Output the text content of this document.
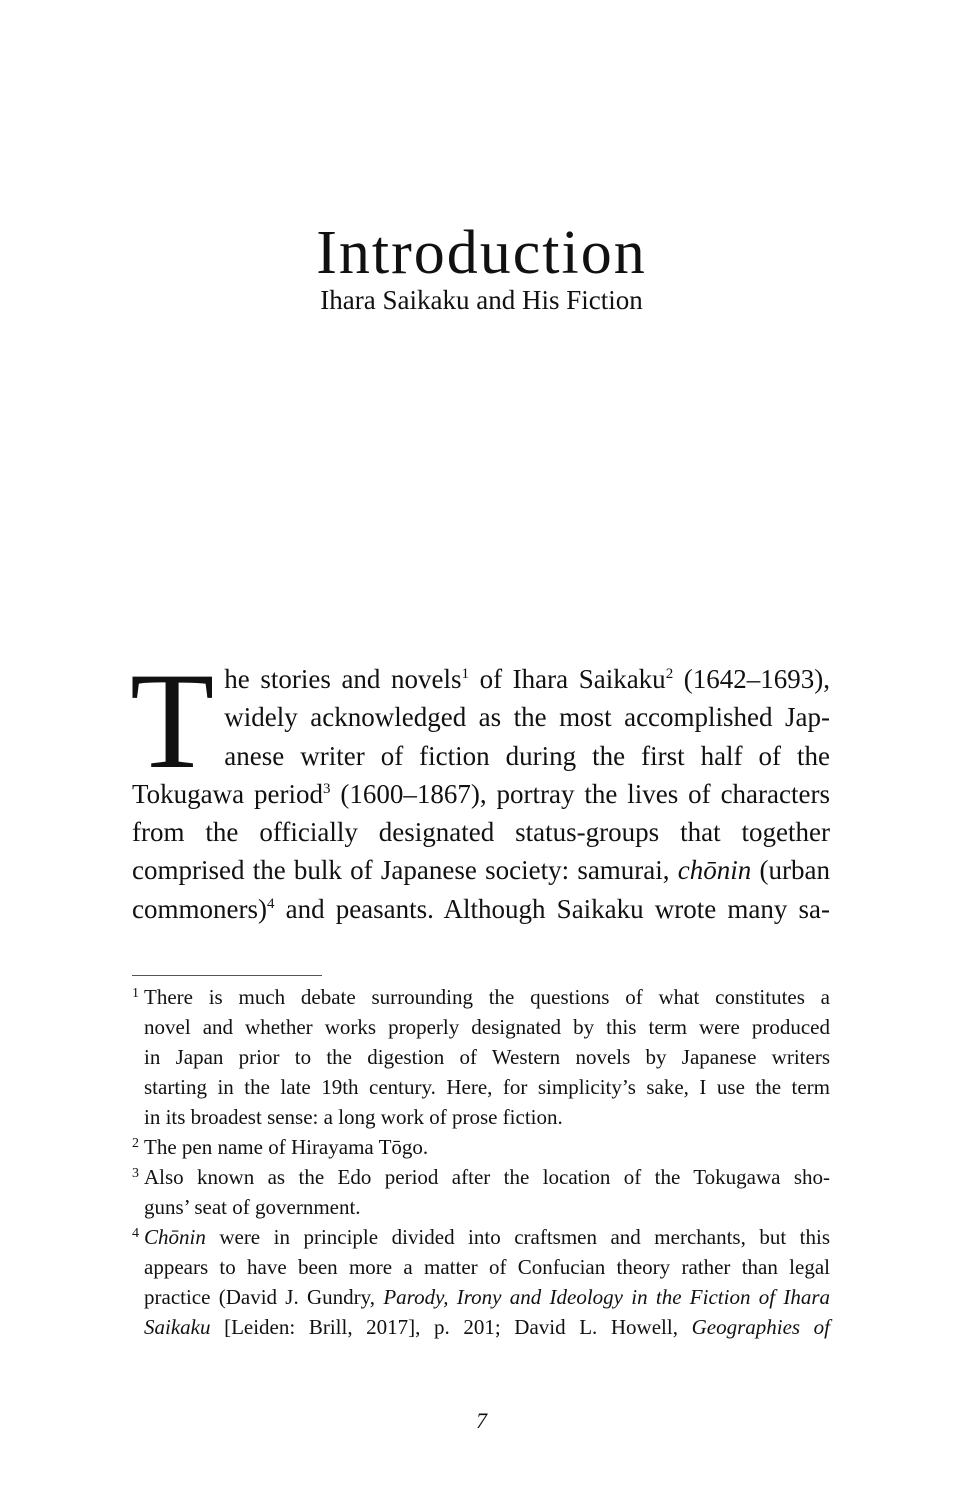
Introduction
Ihara Saikaku and His Fiction
T he stories and novels$^1$ of Ihara Saikaku$^2$ (1642–1693),
widely acknowledged as the most accomplished Jap-
anese writer of fiction during the first half of the
Tokugawa period$^3$ (1600–1867), portray the lives of characters
from the officially designated status-groups that together
comprised the bulk of Japanese society: samurai, chōnin (urban
commoners)$^4$ and peasants. Although Saikaku wrote many sa-
1 There is much debate surrounding the questions of what constitutes a
novel and whether works properly designated by this term were produced
in Japan prior to the digestion of Western novels by Japanese writers
starting in the late 19th century. Here, for simplicity’s sake, I use the term
in its broadest sense: a long work of prose fiction.
2 The pen name of Hirayama Tōgo.
3 Also known as the Edo period after the location of the Tokugawa sho-
guns’ seat of government.
4 Chōnin were in principle divided into craftsmen and merchants, but this
appears to have been more a matter of Confucian theory rather than legal
practice (David J. Gundry, Parody, Irony and Ideology in the Fiction of Ihara
Saikaku [Leiden: Brill, 2017], p. 201; David L. Howell, Geographies of
7
